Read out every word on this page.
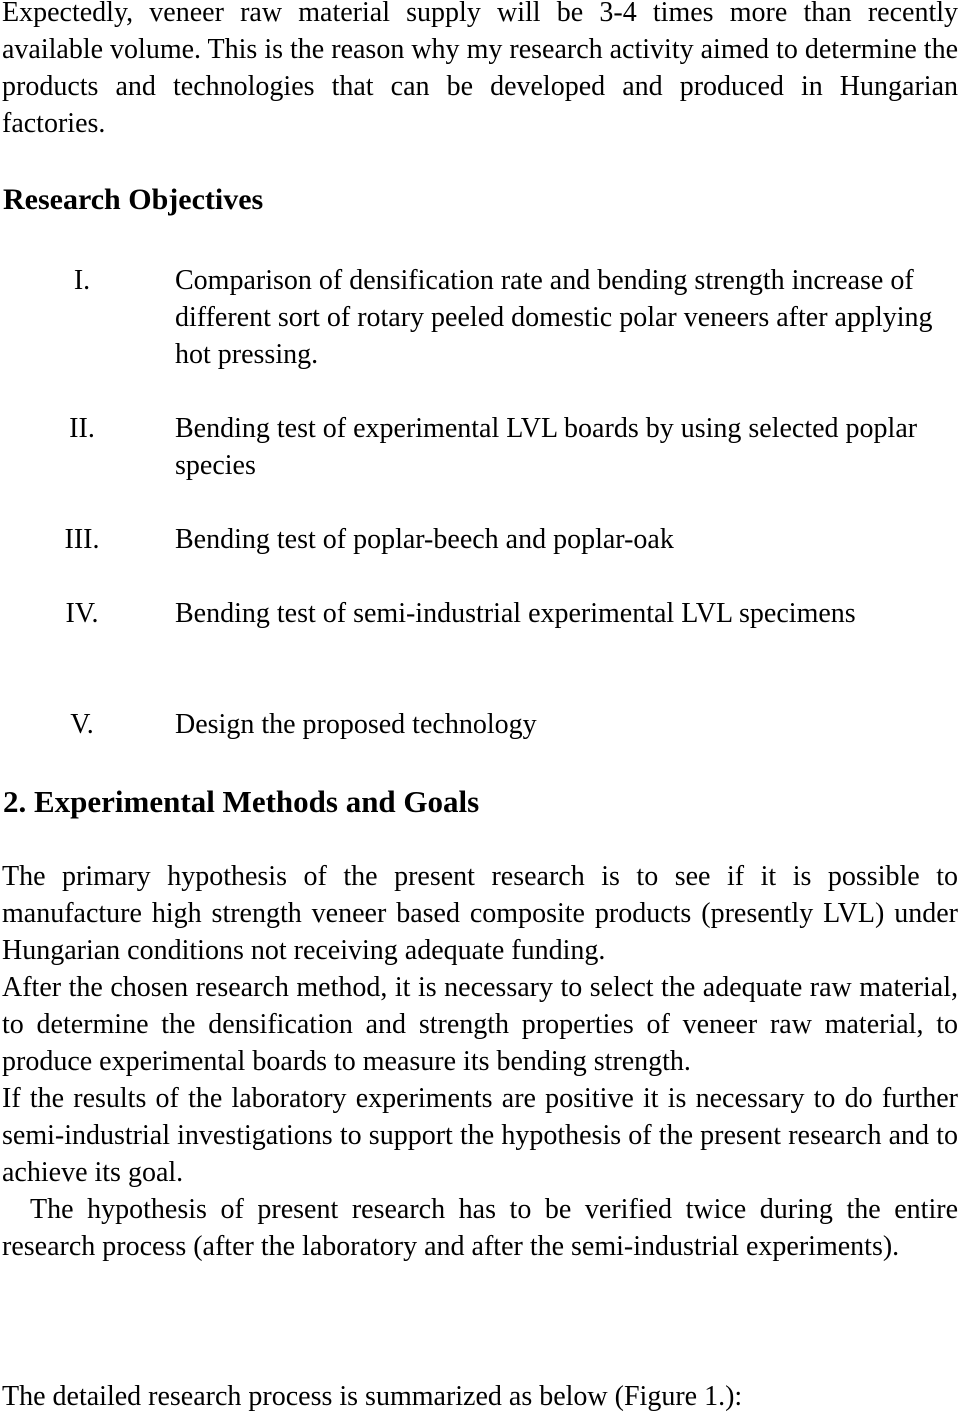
Expectedly, veneer raw material supply will be 3-4 times more than recently available volume. This is the reason why my research activity aimed to determine the products and technologies that can be developed and produced in Hungarian factories.

Research Objectives

I.	Comparison of densification rate and bending strength increase of different sort of rotary peeled domestic polar veneers after applying hot pressing.

II.	Bending test of experimental LVL boards by using selected poplar species

III.	Bending test of poplar-beech and poplar-oak

IV.	Bending test of semi-industrial experimental LVL specimens

V.	Design the proposed technology

2. Experimental Methods and Goals

The primary hypothesis of the present research is to see if it is possible to manufacture high strength veneer based composite products (presently LVL) under Hungarian conditions not receiving adequate funding.

After the chosen research method, it is necessary to select the adequate raw material, to determine the densification and strength properties of veneer raw material, to produce experimental boards to measure its bending strength.

If the results of the laboratory experiments are positive it is necessary to do further semi-industrial investigations to support the hypothesis of the present research and to achieve its goal.

The hypothesis of present research has to be verified twice during the entire research process (after the laboratory and after the semi-industrial experiments).

The detailed research process is summarized as below (Figure 1.):
